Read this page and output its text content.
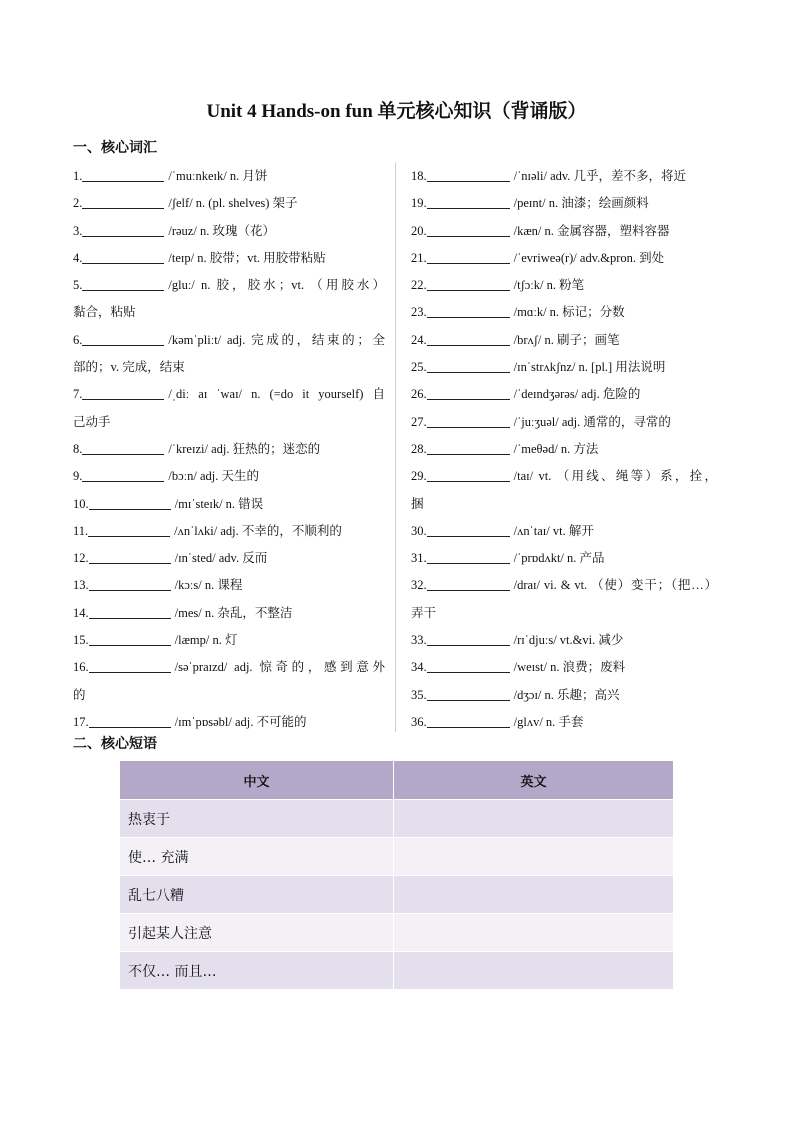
Unit 4 Hands-on fun 单元核心知识（背诵版）
一、核心词汇
1.	/ˈmuːnkeɪk/ n. 月饼
2.	/ʃelf/ n. (pl. shelves) 架子
3.	/rəuz/ n. 玫瑰（花）
4.	/teɪp/ n. 胶带；vt. 用胶带粘贴
5.	/gluː/ n. 胶，胶水；vt. （用胶水）
黏合，粘贴
6.	/kəmˈpliːt/ adj. 完成的，结束的；全
部的；v. 完成，结束
7.	/ˌdiː aɪ ˈwaɪ/ n. (=do it yourself) 自
己动手
8.	/ˈkreɪzi/ adj. 狂热的；迷恋的
9.	/bɔːn/ adj. 天生的
10.	/mɪˈsteɪk/ n. 错误
11.	/ʌnˈlʌki/ adj. 不幸的，不顺利的
12.	/ɪnˈsted/ adv. 反而
13.	/kɔːs/ n. 课程
14.	/mes/ n. 杂乱，不整洁
15.	/læmp/ n. 灯
16.	/səˈpraɪzd/ adj. 惊奇的，感到意外
的
17.	/ɪmˈpɒsəbl/ adj. 不可能的
18.	/ˈnɪəli/ adv. 几乎，差不多，将近
19.	/peɪnt/ n. 油漆；绘画颜料
20.	/kæn/ n. 金属容器，塑料容器
21.	/ˈevriweə(r)/ adv.&pron. 到处
22.	/tʃɔːk/ n. 粉笔
23.	/mɑːk/ n. 标记；分数
24.	/brʌʃ/ n. 刷子；画笔
25.	/ɪnˈstrʌkʃnz/ n. [pl.] 用法说明
26.	/ˈdeɪndʒərəs/ adj. 危险的
27.	/ˈjuːʒuəl/ adj. 通常的，寻常的
28.	/ˈmeθəd/ n. 方法
29.	/taɪ/ vt. （用线、绳等）系，拴，
捆
30.	/ʌnˈtaɪ/ vt. 解开
31.	/ˈprɒdʌkt/ n. 产品
32.	/draɪ/ vi. & vt. （使）变干；（把…）
弄干
33.	/rɪˈdjuːs/ vt.&vi. 减少
34.	/weɪst/ n. 浪费；废料
35.	/dʒɔɪ/ n. 乐趣；高兴
36.	/glʌv/ n. 手套
二、核心短语
中文	英文
热衷于	
使… 充满	
乱七八糟	
引起某人注意	
不仅… 而且…	
